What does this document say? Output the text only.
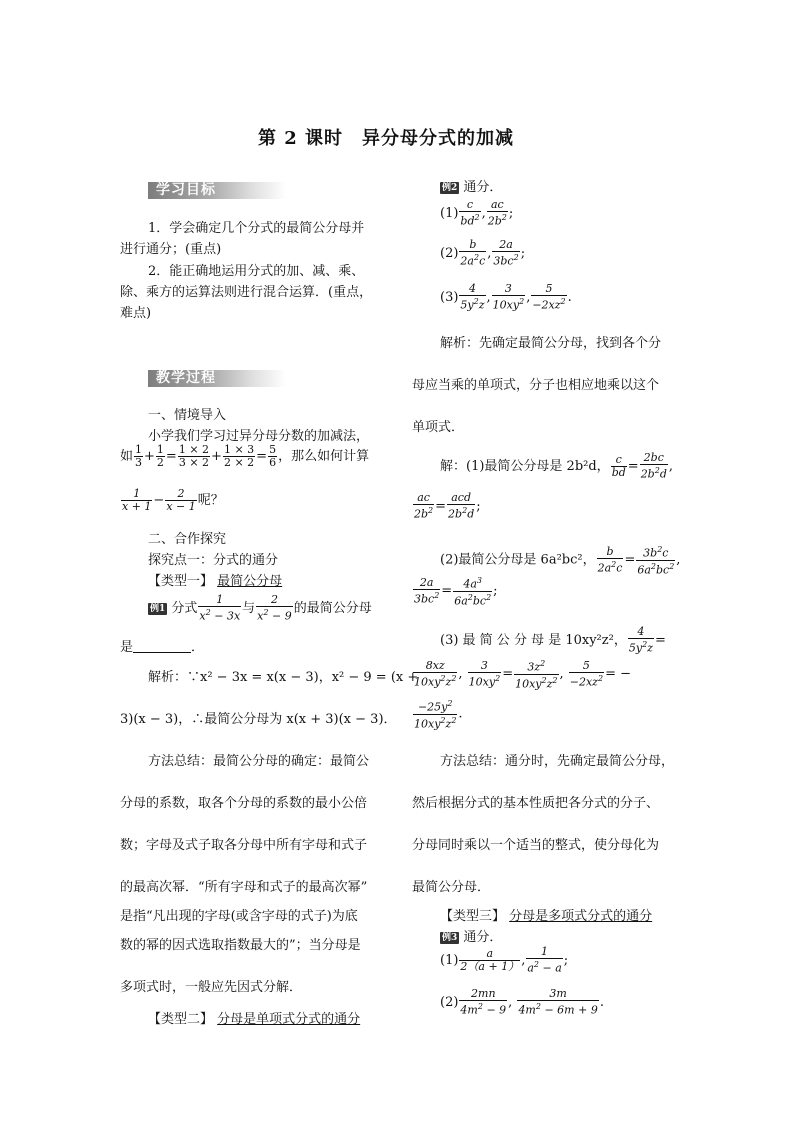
第 2 课时　异分母分式的加减
学习目标
1．学会确定几个分式的最简公分母并
进行通分；(重点)
2．能正确地运用分式的加、减、乘、
除、乘方的运算法则进行混合运算．(重点，
难点)
教学过程
一、情境导入
小学我们学习过异分母分数的加减法，
如 $\frac{1}{3} + \frac{1}{2} = \frac{1 \times 2}{3 \times 2} + \frac{1 \times 3}{2 \times 2} = \frac{5}{6}$ ，那么如何计算
$\frac{1}{x + 1} - \frac{2}{x - 1}$ 呢？
二、合作探究
探究点一：分式的通分
【类型一】 最简公分母
例1 分式 $\frac{1}{x^2 - 3x}$ 与 $\frac{2}{x^2 - 9}$ 的最简公分母
是	．
解析：∵x² − 3x = x(x − 3)，x² − 9 = (x +
3)(x − 3)，∴最简公分母为 x(x + 3)(x − 3)．
方法总结：最简公分母的确定：最简公
分母的系数，取各个分母的系数的最小公倍
数；字母及式子取各分母中所有字母和式子
的最高次幂．“所有字母和式子的最高次幂”
是指“凡出现的字母(或含字母的式子)为底
数的幂的因式选取指数最大的”；当分母是
多项式时，一般应先因式分解．
【类型二】 分母是单项式分式的通分
例2 通分．
$(1) \frac{c}{bd^2}$ , $\frac{ac}{2b^2}$ ;
$(2) \frac{b}{2a^2c}$ , $\frac{2a}{3bc^2}$ ;
$(3) \frac{4}{5y^2z}$ , $\frac{3}{10xy^2}$ , $\frac{5}{-2xz^2}$ .
解析：先确定最简公分母，找到各个分
母应当乘的单项式，分子也相应地乘以这个
单项式．
解：(1)最简公分母是 2b²d， $\frac{c}{bd} = \frac{2bc}{2b^2d}$ ,
$\frac{ac}{2b^2}$ =
acd
$2b^2d$
;
(2)最简公分母是 6a²bc²， $\frac{b}{2a^2c} = \frac{3b^2c}{6a^2bc^2}$ ,
$\frac{2a}{3bc^2} = \frac{4a^3}{6a^2bc^2}$ ;
(3) 最 简 公 分 母 是 10xy²z²， $\frac{4}{5y^2z}$ =
$\frac{8xz}{10xy^2z^2}$ , $\frac{3}{10xy^2} = \frac{3z^2}{10xy^2z^2}$ , $\frac{5}{-2xz^2}$ = −
$\frac{-25y^2}{10xy^2z^2}$ .
方法总结：通分时，先确定最简公分母，
然后根据分式的基本性质把各分式的分子、
分母同时乘以一个适当的整式，使分母化为
最简公分母．
【类型三】 分母是多项式分式的通分
例3 通分．
$(1) \frac{a}{2(a + 1)}$ , $\frac{1}{a^2 - a}$ ;
$(2) \frac{2mn}{4m^2 - 9}$ , $\frac{3m}{4m^2 - 6m + 9}$ .
